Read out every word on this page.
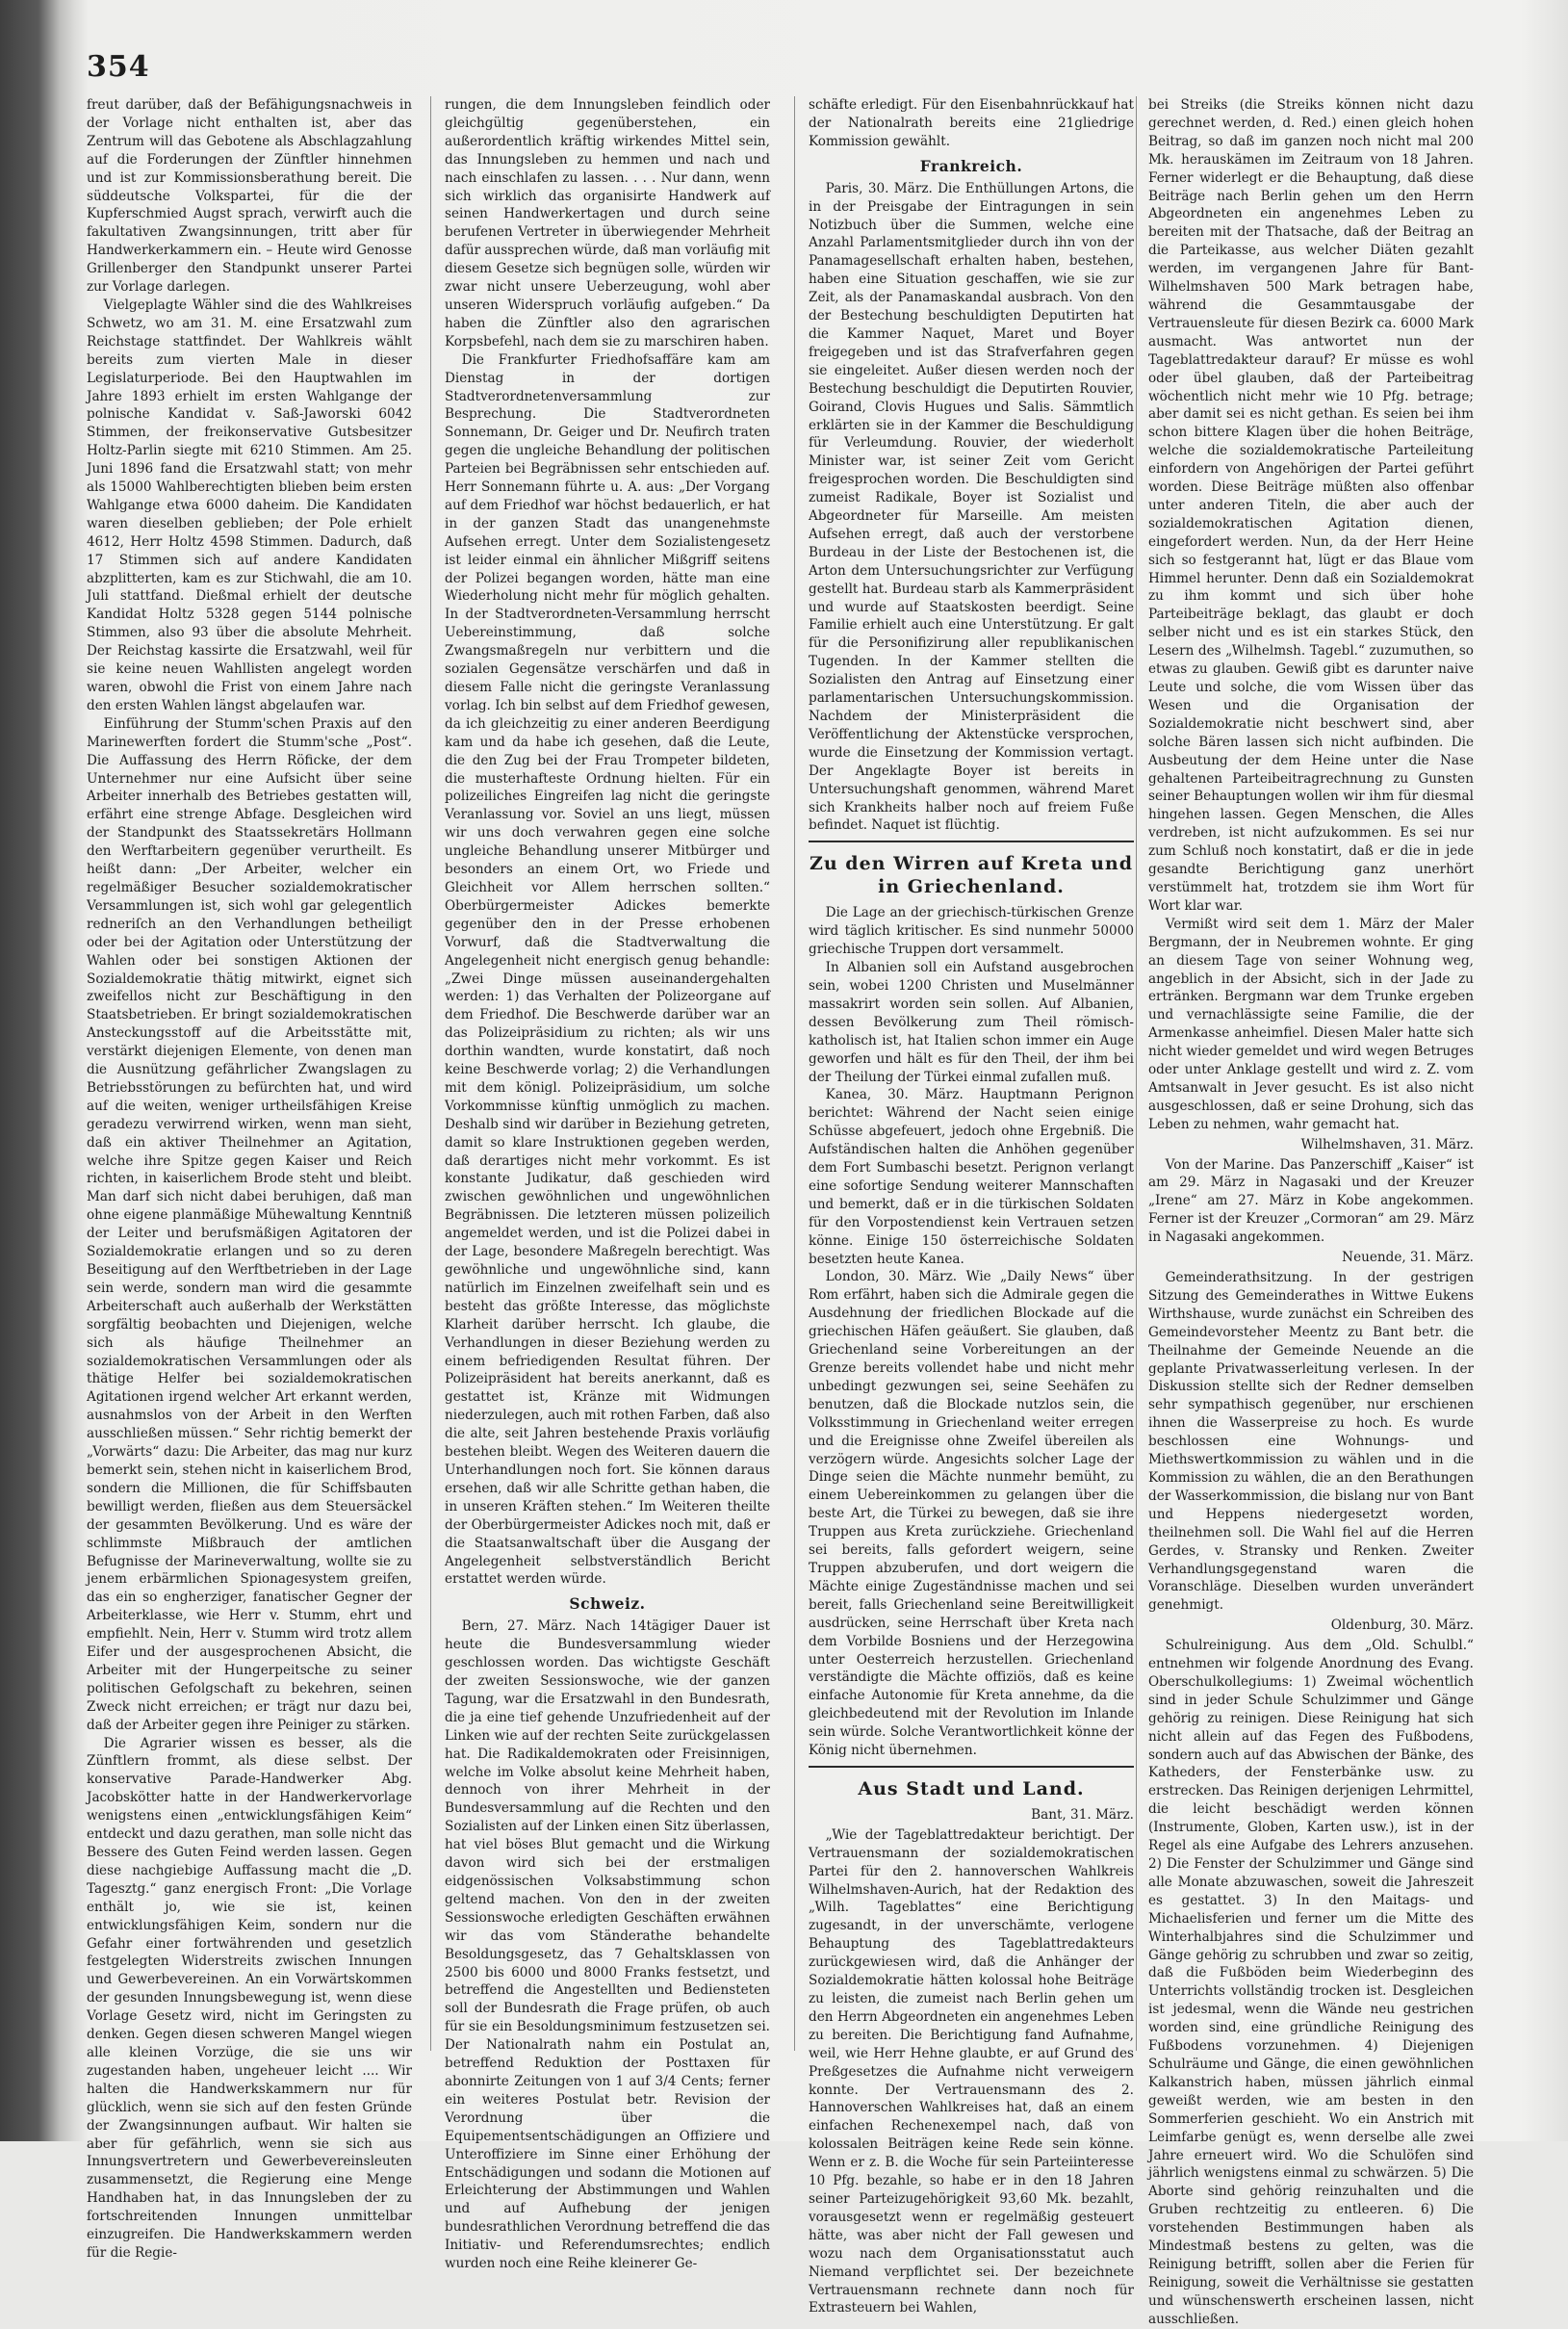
354

freut darüber, daß der Befähigungsnachweis in der Vorlage nicht enthalten ist, aber das Zentrum will das Gebotene als Abschlagzahlung auf die Forderungen der Zünftler hinnehmen und ist zur Kommissionsberathung bereit. Die süddeutsche Volkspartei, für die der Kupferschmied Augst sprach, verwirft auch die fakultativen Zwangsinnungen, tritt aber für Handwerkerkammern ein. – Heute wird Genosse Grillenberger den Standpunkt unserer Partei zur Vorlage darlegen.

Vielgeplagte Wähler sind die des Wahlkreises Schwetz, wo am 31. M. eine Ersatzwahl zum Reichstage stattfindet. Der Wahlkreis wählt bereits zum vierten Male in dieser Legislaturperiode. Bei den Hauptwahlen im Jahre 1893 erhielt im ersten Wahlgange der polnische Kandidat v. Saß-Jaworski 6042 Stimmen, der freikonservative Gutsbesitzer Holtz-Parlin siegte mit 6210 Stimmen. Am 25. Juni 1896 fand die Ersatzwahl statt; von mehr als 15000 Wahlberechtigten blieben beim ersten Wahlgange etwa 6000 daheim. Die Kandidaten waren dieselben geblieben; der Pole erhielt 4612, Herr Holtz 4598 Stimmen. Dadurch, daß 17 Stimmen sich auf andere Kandidaten abzplitterten, kam es zur Stichwahl, die am 10. Juli stattfand. Dießmal erhielt der deutsche Kandidat Holtz 5328 gegen 5144 polnische Stimmen, also 93 über die absolute Mehrheit. Der Reichstag kassirte die Ersatzwahl, weil für sie keine neuen Wahllisten angelegt worden waren, obwohl die Frist von einem Jahre nach den ersten Wahlen längst abgelaufen war.

Einführung der Stumm'schen Praxis auf den Marinewerften fordert die Stumm'sche „Post“. Die Auffassung des Herrn Röficke, der dem Unternehmer nur eine Aufsicht über seine Arbeiter innerhalb des Betriebes gestatten will, erfährt eine strenge Abfage. Desgleichen wird der Standpunkt des Staatssekretärs Hollmann den Werftarbeitern gegenüber verurtheilt. Es heißt dann: „Der Arbeiter, welcher ein regelmäßiger Besucher sozialdemokratischer Versammlungen ist, sich wohl gar gelegentlich redneriſch an den Verhandlungen betheiligt oder bei der Agitation oder Unterstützung der Wahlen oder bei sonstigen Aktionen der Sozialdemokratie thätig mitwirkt, eignet sich zweifellos nicht zur Beschäftigung in den Staatsbetrieben. Er bringt sozialdemokratischen Ansteckungsstoff auf die Arbeitsstätte mit, verstärkt diejenigen Elemente, von denen man die Ausnützung gefährlicher Zwangslagen zu Betriebsstörungen zu befürchten hat, und wird auf die weiten, weniger urtheilsfähigen Kreise geradezu verwirrend wirken, wenn man sieht, daß ein aktiver Theilnehmer an Agitation, welche ihre Spitze gegen Kaiser und Reich richten, in kaiserlichem Brode steht und bleibt. Man darf sich nicht dabei beruhigen, daß man ohne eigene planmäßige Mühewaltung Kenntniß der Leiter und berufsmäßigen Agitatoren der Sozialdemokratie erlangen und so zu deren Beseitigung auf den Werftbetrieben in der Lage sein werde, sondern man wird die gesammte Arbeiterschaft auch außerhalb der Werkstätten sorgfältig beobachten und Diejenigen, welche sich als häufige Theilnehmer an sozialdemokratischen Versammlungen oder als thätige Helfer bei sozialdemokratischen Agitationen irgend welcher Art erkannt werden, ausnahmslos von der Arbeit in den Werften ausschließen müssen.“ Sehr richtig bemerkt der „Vorwärts“ dazu: Die Arbeiter, das mag nur kurz bemerkt sein, stehen nicht in kaiserlichem Brod, sondern die Millionen, die für Schiffsbauten bewilligt werden, fließen aus dem Steuersäckel der gesammten Bevölkerung. Und es wäre der schlimmste Mißbrauch der amtlichen Befugnisse der Marineverwaltung, wollte sie zu jenem erbärmlichen Spionagesystem greifen, das ein so engherziger, fanatischer Gegner der Arbeiterklasse, wie Herr v. Stumm, ehrt und empfiehlt. Nein, Herr v. Stumm wird trotz allem Eifer und der ausgesprochenen Absicht, die Arbeiter mit der Hungerpeitsche zu seiner politischen Gefolgschaft zu bekehren, seinen Zweck nicht erreichen; er trägt nur dazu bei, daß der Arbeiter gegen ihre Peiniger zu stärken.

Die Agrarier wissen es besser, als die Zünftlern frommt, als diese selbst. Der konservative Parade-Handwerker Abg. Jacobskötter hatte in der Handwerkervorlage wenigstens einen „entwicklungsfähigen Keim“ entdeckt und dazu gerathen, man solle nicht das Bessere des Guten Feind werden lassen. Gegen diese nachgiebige Auffassung macht die „D. Tagesztg.“ ganz energisch Front: „Die Vorlage enthält jo, wie sie ist, keinen entwicklungsfähigen Keim, sondern nur die Gefahr einer fortwährenden und gesetzlich festgelegten Widerstreits zwischen Innungen und Gewerbevereinen. An ein Vorwärtskommen der gesunden Innungsbewegung ist, wenn diese Vorlage Gesetz wird, nicht im Geringsten zu denken. Gegen diesen schweren Mangel wiegen alle kleinen Vorzüge, die sie uns wir zugestanden haben, ungeheuer leicht .... Wir halten die Handwerkskammern nur für glücklich, wenn sie sich auf den festen Gründe der Zwangsinnungen aufbaut. Wir halten sie aber für gefährlich, wenn sie sich aus Innungsvertretern und Gewerbevereinsleuten zusammensetzt, die Regierung eine Menge Handhaben hat, in das Innungsleben der zu fortschreitenden Innungen unmittelbar einzugreifen. Die Handwerkskammern werden für die Regie-

rungen, die dem Innungsleben feindlich oder gleichgültig gegenüberstehen, ein außerordentlich kräftig wirkendes Mittel sein, das Innungsleben zu hemmen und nach und nach einschlafen zu lassen. . . . Nur dann, wenn sich wirklich das organisirte Handwerk auf seinen Handwerkertagen und durch seine berufenen Vertreter in überwiegender Mehrheit dafür aussprechen würde, daß man vorläufig mit diesem Gesetze sich begnügen solle, würden wir zwar nicht unsere Ueberzeugung, wohl aber unseren Widerspruch vorläufig aufgeben.“ Da haben die Zünftler also den agrarischen Korpsbefehl, nach dem sie zu marschiren haben.

Die Frankfurter Friedhofsaffäre kam am Dienstag in der dortigen Stadtverordnetenversammlung zur Besprechung. Die Stadtverordneten Sonnemann, Dr. Geiger und Dr. Neufirch traten gegen die ungleiche Behandlung der politischen Parteien bei Begräbnissen sehr entschieden auf. Herr Sonnemann führte u. A. aus: „Der Vorgang auf dem Friedhof war höchst bedauerlich, er hat in der ganzen Stadt das unangenehmste Aufsehen erregt. Unter dem Sozialistengesetz ist leider einmal ein ähnlicher Mißgriff seitens der Polizei begangen worden, hätte man eine Wiederholung nicht mehr für möglich gehalten. In der Stadtverordneten-Versammlung herrscht Uebereinstimmung, daß solche Zwangsmaßregeln nur verbittern und die sozialen Gegensätze verschärfen und daß in diesem Falle nicht die geringste Veranlassung vorlag. Ich bin selbst auf dem Friedhof gewesen, da ich gleichzeitig zu einer anderen Beerdigung kam und da habe ich gesehen, daß die Leute, die den Zug bei der Frau Trompeter bildeten, die musterhafteste Ordnung hielten. Für ein polizeiliches Eingreifen lag nicht die geringste Veranlassung vor. Soviel an uns liegt, müssen wir uns doch verwahren gegen eine solche ungleiche Behandlung unserer Mitbürger und besonders an einem Ort, wo Friede und Gleichheit vor Allem herrschen sollten.“ Oberbürgermeister Adickes bemerkte gegenüber den in der Presse erhobenen Vorwurf, daß die Stadtverwaltung die Angelegenheit nicht energisch genug behandle: „Zwei Dinge müssen auseinandergehalten werden: 1) das Verhalten der Polizeorgane auf dem Friedhof. Die Beschwerde darüber war an das Polizeipräsidium zu richten; als wir uns dorthin wandten, wurde konstatirt, daß noch keine Beschwerde vorlag; 2) die Verhandlungen mit dem königl. Polizeipräsidium, um solche Vorkommnisse künftig unmöglich zu machen. Deshalb sind wir darüber in Beziehung getreten, damit so klare Instruktionen gegeben werden, daß derartiges nicht mehr vorkommt. Es ist konstante Judikatur, daß geschieden wird zwischen gewöhnlichen und ungewöhnlichen Begräbnissen. Die letzteren müssen polizeilich angemeldet werden, und ist die Polizei dabei in der Lage, besondere Maßregeln berechtigt. Was gewöhnliche und ungewöhnliche sind, kann natürlich im Einzelnen zweifelhaft sein und es besteht das größte Interesse, das möglichste Klarheit darüber herrscht. Ich glaube, die Verhandlungen in dieser Beziehung werden zu einem befriedigenden Resultat führen. Der Polizeipräsident hat bereits anerkannt, daß es gestattet ist, Kränze mit Widmungen niederzulegen, auch mit rothen Farben, daß also die alte, seit Jahren bestehende Praxis vorläufig bestehen bleibt. Wegen des Weiteren dauern die Unterhandlungen noch fort. Sie können daraus ersehen, daß wir alle Schritte gethan haben, die in unseren Kräften stehen.“ Im Weiteren theilte der Oberbürgermeister Adickes noch mit, daß er die Staatsanwaltschaft über die Ausgang der Angelegenheit selbstverständlich Bericht erstattet werden würde.

Schweiz.

Bern, 27. März. Nach 14tägiger Dauer ist heute die Bundesversammlung wieder geschlossen worden. Das wichtigste Geschäft der zweiten Sessionswoche, wie der ganzen Tagung, war die Ersatzwahl in den Bundesrath, die ja eine tief gehende Unzufriedenheit auf der Linken wie auf der rechten Seite zurückgelassen hat. Die Radikaldemokraten oder Freisinnigen, welche im Volke absolut keine Mehrheit haben, dennoch von ihrer Mehrheit in der Bundesversammlung auf die Rechten und den Sozialisten auf der Linken einen Sitz überlassen, hat viel böses Blut gemacht und die Wirkung davon wird sich bei der erstmaligen eidgenössischen Volksabstimmung schon geltend machen. Von den in der zweiten Sessionswoche erledigten Geschäften erwähnen wir das vom Ständerathe behandelte Besoldungsgesetz, das 7 Gehaltsklassen von 2500 bis 6000 und 8000 Franks festsetzt, und betreffend die Angestellten und Bediensteten soll der Bundesrath die Frage prüfen, ob auch für sie ein Besoldungsminimum festzusetzen sei. Der Nationalrath nahm ein Postulat an, betreffend Reduktion der Posttaxen für abonnirte Zeitungen von 1 auf 3/4 Cents; ferner ein weiteres Postulat betr. Revision der Verordnung über die Equipementsentschädigungen an Offiziere und Unteroffiziere im Sinne einer Erhöhung der Entschädigungen und sodann die Motionen auf Erleichterung der Abstimmungen und Wahlen und auf Aufhebung der jenigen bundesrathlichen Verordnung betreffend die das Initiativ- und Referendumsrechtes; endlich wurden noch eine Reihe kleinerer Ge-

schäfte erledigt. Für den Eisenbahnrückkauf hat der Nationalrath bereits eine 21gliedrige Kommission gewählt.

Frankreich.

Paris, 30. März. Die Enthüllungen Artons, die in der Preisgabe der Eintragungen in sein Notizbuch über die Summen, welche eine Anzahl Parlamentsmitglieder durch ihn von der Panamagesellschaft erhalten haben, bestehen, haben eine Situation geschaffen, wie sie zur Zeit, als der Panamaskandal ausbrach. Von den der Bestechung beschuldigten Deputirten hat die Kammer Naquet, Maret und Boyer freigegeben und ist das Strafverfahren gegen sie eingeleitet. Außer diesen werden noch der Bestechung beschuldigt die Deputirten Rouvier, Goirand, Clovis Hugues und Salis. Sämmtlich erklärten sie in der Kammer die Beschuldigung für Verleumdung. Rouvier, der wiederholt Minister war, ist seiner Zeit vom Gericht freigesprochen worden. Die Beschuldigten sind zumeist Radikale, Boyer ist Sozialist und Abgeordneter für Marseille. Am meisten Aufsehen erregt, daß auch der verstorbene Burdeau in der Liste der Bestochenen ist, die Arton dem Untersuchungsrichter zur Verfügung gestellt hat. Burdeau starb als Kammerpräsident und wurde auf Staatskosten beerdigt. Seine Familie erhielt auch eine Unterstützung. Er galt für die Personifizirung aller republikanischen Tugenden. In der Kammer stellten die Sozialisten den Antrag auf Einsetzung einer parlamentarischen Untersuchungskommission. Nachdem der Ministerpräsident die Veröffentlichung der Aktenstücke versprochen, wurde die Einsetzung der Kommission vertagt. Der Angeklagte Boyer ist bereits in Untersuchungshaft genommen, während Maret sich Krankheits halber noch auf freiem Fuße befindet. Naquet ist flüchtig.

Zu den Wirren auf Kreta und in Griechenland.

Die Lage an der griechisch-türkischen Grenze wird täglich kritischer. Es sind nunmehr 50000 griechische Truppen dort versammelt.

In Albanien soll ein Aufstand ausgebrochen sein, wobei 1200 Christen und Muselmänner massakrirt worden sein sollen. Auf Albanien, dessen Bevölkerung zum Theil römisch-katholisch ist, hat Italien schon immer ein Auge geworfen und hält es für den Theil, der ihm bei der Theilung der Türkei einmal zufallen muß.

Kanea, 30. März. Hauptmann Perignon berichtet: Während der Nacht seien einige Schüsse abgefeuert, jedoch ohne Ergebniß. Die Aufständischen halten die Anhöhen gegenüber dem Fort Sumbaschi besetzt. Perignon verlangt eine sofortige Sendung weiterer Mannschaften und bemerkt, daß er in die türkischen Soldaten für den Vorpostendienst kein Vertrauen setzen könne. Einige 150 österreichische Soldaten besetzten heute Kanea.

London, 30. März. Wie „Daily News“ über Rom erfährt, haben sich die Admirale gegen die Ausdehnung der friedlichen Blockade auf die griechischen Häfen geäußert. Sie glauben, daß Griechenland seine Vorbereitungen an der Grenze bereits vollendet habe und nicht mehr unbedingt gezwungen sei, seine Seehäfen zu benutzen, daß die Blockade nutzlos sein, die Volksstimmung in Griechenland weiter erregen und die Ereignisse ohne Zweifel übereilen als verzögern würde. Angesichts solcher Lage der Dinge seien die Mächte nunmehr bemüht, zu einem Uebereinkommen zu gelangen über die beste Art, die Türkei zu bewegen, daß sie ihre Truppen aus Kreta zurückziehe. Griechenland sei bereits, falls gefordert weigern, seine Truppen abzuberufen, und dort weigern die Mächte einige Zugeständnisse machen und sei bereit, falls Griechenland seine Bereitwilligkeit ausdrücken, seine Herrschaft über Kreta nach dem Vorbilde Bosniens und der Herzegowina unter Oesterreich herzustellen. Griechenland verständigte die Mächte offiziös, daß es keine einfache Autonomie für Kreta annehme, da die gleichbedeutend mit der Revolution im Inlande sein würde. Solche Verantwortlichkeit könne der König nicht übernehmen.

Aus Stadt und Land.
Bant, 31. März.

„Wie der Tageblattredakteur berichtigt. Der Vertrauensmann der sozialdemokratischen Partei für den 2. hannoverschen Wahlkreis Wilhelmshaven-Aurich, hat der Redaktion des „Wilh. Tageblattes“ eine Berichtigung zugesandt, in der unverschämte, verlogene Behauptung des Tageblattredakteurs zurückgewiesen wird, daß die Anhänger der Sozialdemokratie hätten kolossal hohe Beiträge zu leisten, die zumeist nach Berlin gehen um den Herrn Abgeordneten ein angenehmes Leben zu bereiten. Die Berichtigung fand Aufnahme, weil, wie Herr Hehne glaubte, er auf Grund des Preßgesetzes die Aufnahme nicht verweigern konnte. Der Vertrauensmann des 2. Hannoverschen Wahlkreises hat, daß an einem einfachen Rechenexempel nach, daß von kolossalen Beiträgen keine Rede sein könne. Wenn er z. B. die Woche für sein Parteiinteresse 10 Pfg. bezahle, so habe er in den 18 Jahren seiner Parteizugehörigkeit 93,60 Mk. bezahlt, vorausgesetzt wenn er regelmäßig gesteuert hätte, was aber nicht der Fall gewesen und wozu nach dem Organisationsstatut auch Niemand verpflichtet sei. Der bezeichnete Vertrauensmann rechnete dann noch für Extrasteuern bei Wahlen,

bei Streiks (die Streiks können nicht dazu gerechnet werden, d. Red.) einen gleich hohen Beitrag, so daß im ganzen noch nicht mal 200 Mk. herauskämen im Zeitraum von 18 Jahren. Ferner widerlegt er die Behauptung, daß diese Beiträge nach Berlin gehen um den Herrn Abgeordneten ein angenehmes Leben zu bereiten mit der Thatsache, daß der Beitrag an die Parteikasse, aus welcher Diäten gezahlt werden, im vergangenen Jahre für Bant-Wilhelmshaven 500 Mark betragen habe, während die Gesammtausgabe der Vertrauensleute für diesen Bezirk ca. 6000 Mark ausmacht. Was antwortet nun der Tageblattredakteur darauf? Er müsse es wohl oder übel glauben, daß der Parteibeitrag wöchentlich nicht mehr wie 10 Pfg. betrage; aber damit sei es nicht gethan. Es seien bei ihm schon bittere Klagen über die hohen Beiträge, welche die sozialdemokratische Parteileitung einfordern von Angehörigen der Partei geführt worden. Diese Beiträge müßten also offenbar unter anderen Titeln, die aber auch der sozialdemokratischen Agitation dienen, eingefordert werden. Nun, da der Herr Heine sich so festgerannt hat, lügt er das Blaue vom Himmel herunter. Denn daß ein Sozialdemokrat zu ihm kommt und sich über hohe Parteibeiträge beklagt, das glaubt er doch selber nicht und es ist ein starkes Stück, den Lesern des „Wilhelmsh. Tagebl.“ zuzumuthen, so etwas zu glauben. Gewiß gibt es darunter naive Leute und solche, die vom Wissen über das Wesen und die Organisation der Sozialdemokratie nicht beschwert sind, aber solche Bären lassen sich nicht aufbinden. Die Ausbeutung der dem Heine unter die Nase gehaltenen Parteibeitragrechnung zu Gunsten seiner Behauptungen wollen wir ihm für diesmal hingehen lassen. Gegen Menschen, die Alles verdreben, ist nicht aufzukommen. Es sei nur zum Schluß noch konstatirt, daß er die in jede gesandte Berichtigung ganz unerhört verstümmelt hat, trotzdem sie ihm Wort für Wort klar war.

Vermißt wird seit dem 1. März der Maler Bergmann, der in Neubremen wohnte. Er ging an diesem Tage von seiner Wohnung weg, angeblich in der Absicht, sich in der Jade zu ertränken. Bergmann war dem Trunke ergeben und vernachlässigte seine Familie, die der Armenkasse anheimfiel. Diesen Maler hatte sich nicht wieder gemeldet und wird wegen Betruges oder unter Anklage gestellt und wird z. Z. vom Amtsanwalt in Jever gesucht. Es ist also nicht ausgeschlossen, daß er seine Drohung, sich das Leben zu nehmen, wahr gemacht hat.

Wilhelmshaven, 31. März.

Von der Marine. Das Panzerschiff „Kaiser“ ist am 29. März in Nagasaki und der Kreuzer „Irene“ am 27. März in Kobe angekommen. Ferner ist der Kreuzer „Cormoran“ am 29. März in Nagasaki angekommen.

Neuende, 31. März.

Gemeinderathsitzung. In der gestrigen Sitzung des Gemeinderathes in Wittwe Eukens Wirthshause, wurde zunächst ein Schreiben des Gemeindevorsteher Meentz zu Bant betr. die Theilnahme der Gemeinde Neuende an die geplante Privatwasserleitung verlesen. In der Diskussion stellte sich der Redner demselben sehr sympathisch gegenüber, nur erschienen ihnen die Wasserpreise zu hoch. Es wurde beschlossen eine Wohnungs- und Miethswertkommission zu wählen und in die Kommission zu wählen, die an den Berathungen der Wasserkommission, die bislang nur von Bant und Heppens niedergesetzt worden, theilnehmen soll. Die Wahl fiel auf die Herren Gerdes, v. Stransky und Renken. Zweiter Verhandlungsgegenstand waren die Voranschläge. Dieselben wurden unverändert genehmigt.

Oldenburg, 30. März.

Schulreinigung. Aus dem „Old. Schulbl.“ entnehmen wir folgende Anordnung des Evang. Oberschulkollegiums: 1) Zweimal wöchentlich sind in jeder Schule Schulzimmer und Gänge gehörig zu reinigen. Diese Reinigung hat sich nicht allein auf das Fegen des Fußbodens, sondern auch auf das Abwischen der Bänke, des Katheders, der Fensterbänke usw. zu erstrecken. Das Reinigen derjenigen Lehrmittel, die leicht beschädigt werden können (Instrumente, Globen, Karten usw.), ist in der Regel als eine Aufgabe des Lehrers anzusehen. 2) Die Fenster der Schulzimmer und Gänge sind alle Monate abzuwaschen, soweit die Jahreszeit es gestattet. 3) In den Maitags- und Michaelisferien und ferner um die Mitte des Winterhalbjahres sind die Schulzimmer und Gänge gehörig zu schrubben und zwar so zeitig, daß die Fußböden beim Wiederbeginn des Unterrichts vollständig trocken ist. Desgleichen ist jedesmal, wenn die Wände neu gestrichen worden sind, eine gründliche Reinigung des Fußbodens vorzunehmen. 4) Diejenigen Schulräume und Gänge, die einen gewöhnlichen Kalkanstrich haben, müssen jährlich einmal geweißt werden, wie am besten in den Sommerferien geschieht. Wo ein Anstrich mit Leimfarbe genügt es, wenn derselbe alle zwei Jahre erneuert wird. Wo die Schulöfen sind jährlich wenigstens einmal zu schwärzen. 5) Die Aborte sind gehörig reinzuhalten und die Gruben rechtzeitig zu entleeren. 6) Die vorstehenden Bestimmungen haben als Mindestmaß bestens zu gelten, was die Reinigung betrifft, sollen aber die Ferien für Reinigung, soweit die Verhältnisse sie gestatten und wünschenswerth erscheinen lassen, nicht ausschließen.
